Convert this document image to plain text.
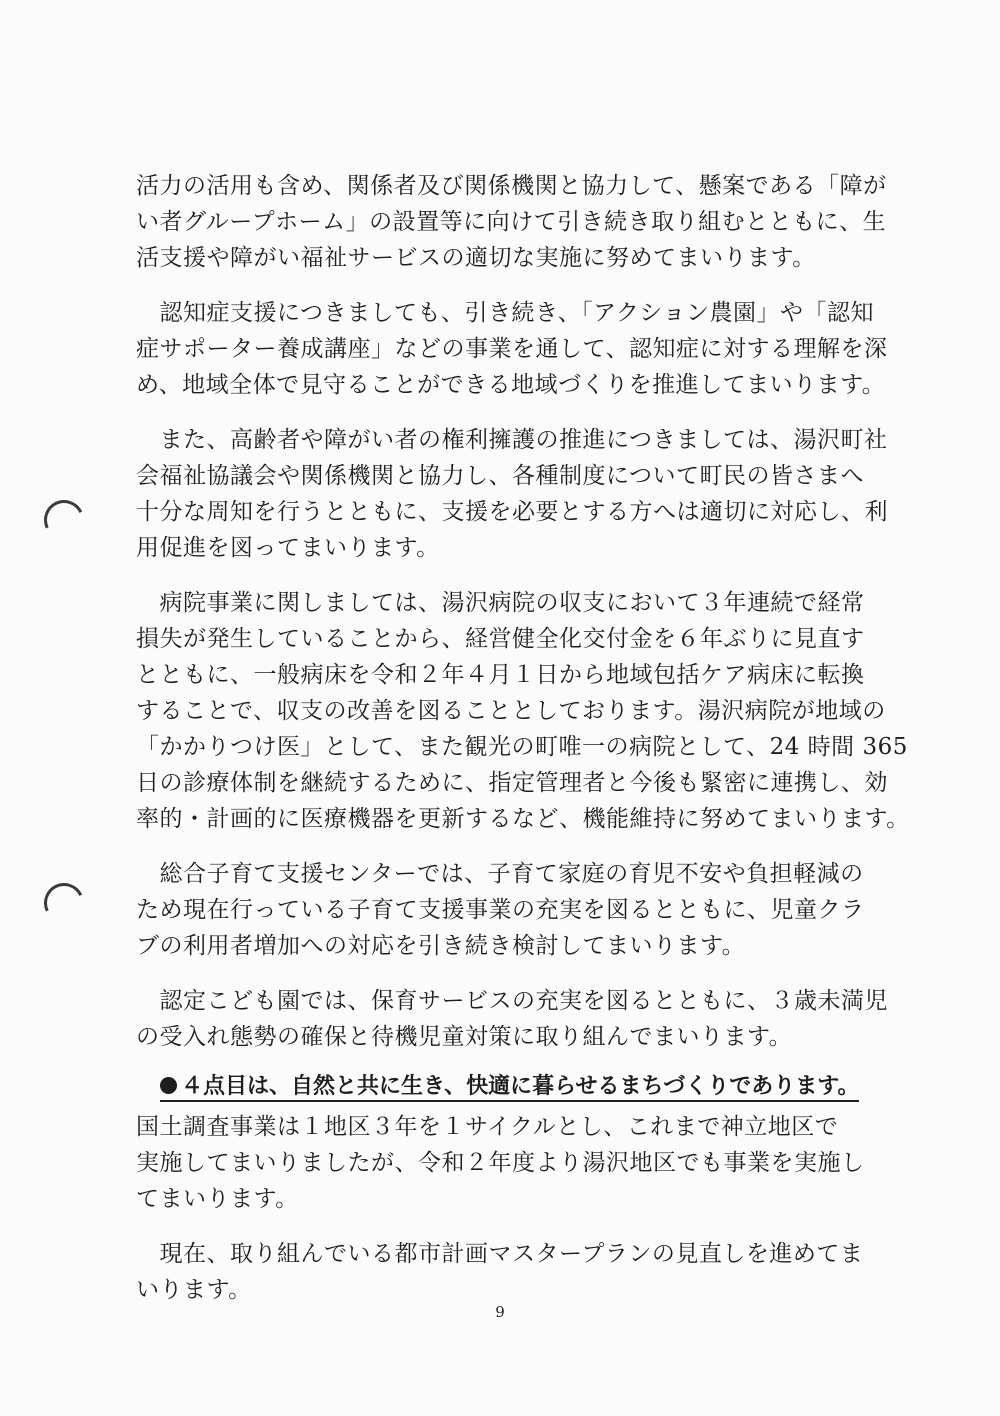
活力の活用も含め、関係者及び関係機関と協力して、懸案である「障が
い者グループホーム」の設置等に向けて引き続き取り組むとともに、生
活支援や障がい福祉サービスの適切な実施に努めてまいります。

　認知症支援につきましても、引き続き、「アクション農園」や「認知
症サポーター養成講座」などの事業を通して、認知症に対する理解を深
め、地域全体で見守ることができる地域づくりを推進してまいります。

　また、高齢者や障がい者の権利擁護の推進につきましては、湯沢町社
会福祉協議会や関係機関と協力し、各種制度について町民の皆さまへ
十分な周知を行うとともに、支援を必要とする方へは適切に対応し、利
用促進を図ってまいります。

　病院事業に関しましては、湯沢病院の収支において３年連続で経常
損失が発生していることから、経営健全化交付金を６年ぶりに見直す
とともに、一般病床を令和２年４月１日から地域包括ケア病床に転換
することで、収支の改善を図ることとしております。湯沢病院が地域の
「かかりつけ医」として、また観光の町唯一の病院として、24 時間 365
日の診療体制を継続するために、指定管理者と今後も緊密に連携し、効
率的・計画的に医療機器を更新するなど、機能維持に努めてまいります。

　総合子育て支援センターでは、子育て家庭の育児不安や負担軽減の
ため現在行っている子育て支援事業の充実を図るとともに、児童クラ
ブの利用者増加への対応を引き続き検討してまいります。

　認定こども園では、保育サービスの充実を図るとともに、３歳未満児
の受入れ態勢の確保と待機児童対策に取り組んでまいります。

４点目は、自然と共に生き、快適に暮らせるまちづくりであります。

国土調査事業は１地区３年を１サイクルとし、これまで神立地区で
実施してまいりましたが、令和２年度より湯沢地区でも事業を実施し
てまいります。

　現在、取り組んでいる都市計画マスタープランの見直しを進めてま
いります。

9
